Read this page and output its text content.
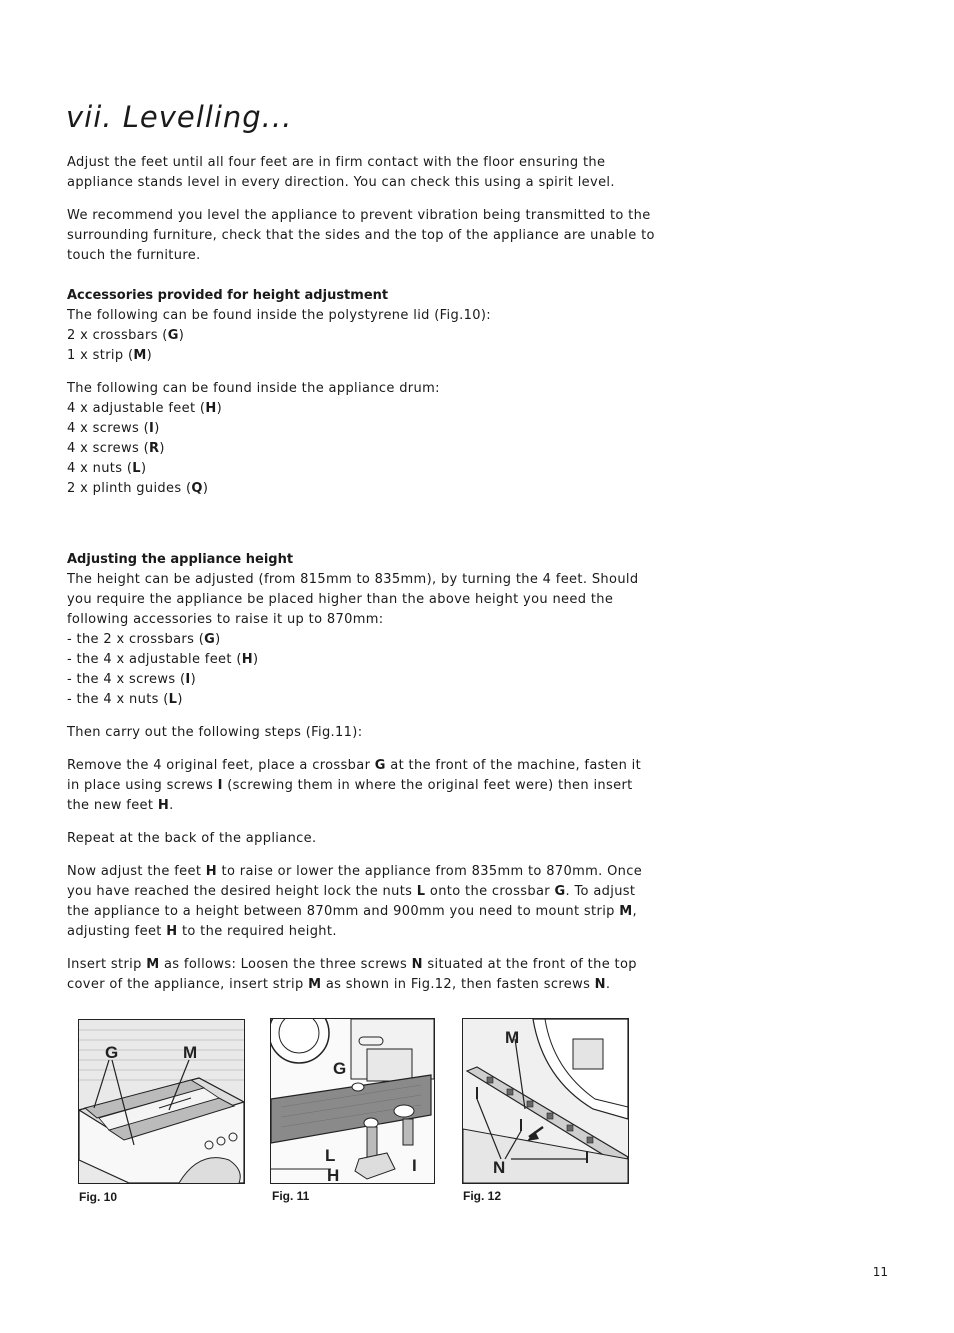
vii. Levelling...

Adjust the feet until all four feet are in firm contact with the floor ensuring the appliance stands level in every direction. You can check this using a spirit level.

We recommend you level the appliance to prevent vibration being transmitted to the surrounding furniture, check that the sides and the top of the appliance are unable to touch the furniture.

Accessories provided for height adjustment
The following can be found inside the polystyrene lid (Fig.10):
2 x crossbars (G)
1 x strip (M)

The following can be found inside the appliance drum:
4 x adjustable feet (H)
4 x screws (I)
4 x screws (R)
4 x nuts (L)
2 x plinth guides (Q)

Adjusting the appliance height
The height can be adjusted (from 815mm to 835mm), by turning the 4 feet. Should you require the appliance be placed higher than the above height you need the following accessories to raise it up to 870mm:
- the 2 x crossbars (G)
- the 4 x adjustable feet (H)
- the 4 x screws (I)
- the 4 x nuts (L)

Then carry out the following steps (Fig.11):

Remove the 4 original feet, place a crossbar G at the front of the machine, fasten it in place using screws I (screwing them in where the original feet were) then insert the new feet H.

Repeat at the back of the appliance.

Now adjust the feet H to raise or lower the appliance from 835mm to 870mm. Once you have reached the desired height lock the nuts L onto the crossbar G. To adjust the appliance to a height between 870mm and 900mm you need to mount strip M, adjusting feet H to the required height.

Insert strip M as follows: Loosen the three screws N situated at the front of the top cover of the appliance, insert strip M as shown in Fig.12, then fasten screws N.

G	M
Fig. 10
G
L
H
I
Fig. 11
M
N
Fig. 12
11
